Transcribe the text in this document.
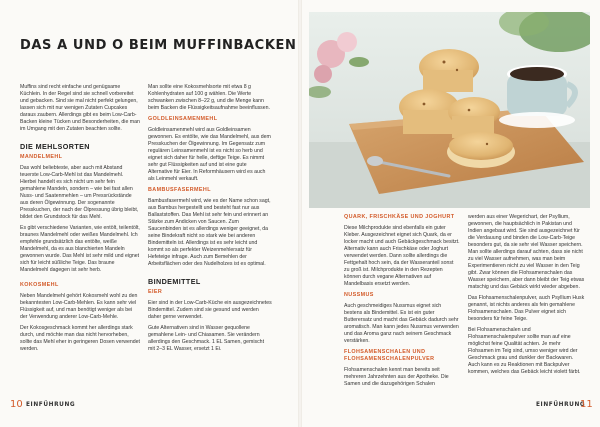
DAS A UND O BEIM MUFFINBACKEN

Muffins sind recht einfache und genügsame Küchlein. In der Regel sind sie schnell vorbereitet und gebacken. Sind sie mal nicht perfekt gelungen, lassen sich mit nur wenigen Zutaten Cupcakes daraus zaubern. Allerdings gibt es beim Low-Carb-Backen kleine Tücken und Besonderheiten, die man im Umgang mit den Zutaten beachten sollte.

DIE MEHLSORTEN

MANDELMEHL

Das wohl beliebteste, aber auch mit Abstand teuerste Low-Carb-Mehl ist das Mandelmehl. Hierbei handelt es sich nicht um sehr fein gemahlene Mandeln, sondern – wie bei fast allen Nuss- und Saatenmehlen – um Pressrückstände aus deren Ölgewinnung. Der sogenannte Presskuchen, der nach der Ölpressung übrig bleibt, bildet den Grundstock für das Mehl.

Es gibt verschiedene Varianten, wie entölt, teilentölt, braunes Mandelmehl oder weißes Mandelmehl. Ich empfehle grundsätzlich das entölte, weiße Mandelmehl, da es aus blanchierten Mandeln gewonnen wurde. Das Mehl ist sehr mild und eignet sich für leicht süßliche Teige. Das braune Mandelmehl dagegen ist sehr herb.

KOKOSMEHL

Neben Mandelmehl gehört Kokosmehl wohl zu den bekanntesten Low-Carb-Mehlen. Es kann sehr viel Flüssigkeit auf, und man benötigt weniger als bei der Verwendung anderer Low-Carb-Mehle.

Der Kokosgeschmack kommt her allerdings stark durch, und möchte man das nicht hervorheben, sollte das Mehl eher in geringeren Dosen verwendet werden.

Man sollte eine Kokosmehlsorte mit etwa 8 g Kohlenhydraten auf 100 g wählen. Die Werte schwanken zwischen 8–22 g, und die Menge kann beim Backen die Flüssigkeitsaufnahme beeinflussen.

GOLDLEINSAMENMEHL

Goldleinsamenmehl wird aus Goldleinsamen gewonnen. Es entölte, wie das Mandelmehl, aus dem Presskuchen der Ölgewinnung. Im Gegensatz zum regulären Leinsamenmehl ist es nicht so herb und eignet sich daher für helle, deftige Teige. Es nimmt sehr gut Flüssigkeiten auf und ist eine gute Alternative für Eier. In Reformhäusern wird es auch als Leinmehl verkauft.

BAMBUSFASERMEHL

Bambusfasermehl wird, wie es der Name schon sagt, aus Bambus hergestellt und besteht fast nur aus Ballaststoffen. Das Mehl ist sehr fein und erinnert an Stärke zum Andicken von Saucen. Zum Saucenbinden ist es allerdings weniger geeignet, da seine Bindekraft nicht so stark wie bei anderen Bindemitteln ist. Allerdings ist es sehr leicht und kommt so als perfekter Weizenmehlersatz für Hefeteige infrage. Auch zum Bemehlen der Arbeitsflächen oder des Nudelholzes ist es optimal.

BINDEMITTEL

EIER

Eier sind in der Low-Carb-Küche ein ausgezeichnetes Bindemittel. Zudem sind sie gesund und werden daher gerne verwendet.

Gute Alternativen sind in Wasser gequollene gemahlene Lein- und Chiasamen. Sie verändern allerdings den Geschmack. 1 EL Samen, gemischt mit 2–3 EL Wasser, ersetzt 1 Ei.

QUARK, FRISCHKÄSE UND JOGHURT

Diese Milchprodukte sind ebenfalls ein guter Kleber. Ausgezeichnet eignet sich Quark, da er locker macht und auch Gebäckgeschmack besitzt. Alternativ kann auch Frischkäse oder Joghurt verwendet werden. Dann sollte allerdings die Fettgehalt hoch sein, da der Wasseranteil sonst zu groß ist. Milchprodukte in den Rezepten können durch vegane Alternativen auf Mandelbasis ersetzt werden.

NUSSMUS

Auch geschmeidiges Nussmus eignet sich bestens als Bindemittel. Es ist ein guter Butterersatz und macht das Gebäck dadurch sehr aromatisch. Man kann jedes Nussmus verwenden und das Aroma ganz nach seinem Geschmack verstärken.

FLOHSAMENSCHALEN UND FLOHSAMENSCHALENPULVER

Flohsamenschalen kennt man bereits seit mehreren Jahrzehnten aus der Apotheke. Die Samen und die dazugehörigen Schalen

werden aus einer Wegerichart, der Psyllium, gewonnen, die hauptsächlich in Pakistan und Indien angebaut wird. Sie sind ausgezeichnet für die Verdauung und binden die Low-Carb-Teige besonders gut, da sie sehr viel Wasser speichern. Man sollte allerdings darauf achten, dass sie nicht zu viel Wasser aufnehmen, was man beim Experimentieren nicht zu viel Wasser in den Teig gibt. Zwar können die Flohsamenschalen das Wasser speichern, aber dann bleibt der Teig etwas matschig und das Gebäck wirkt wieder abgeben.

Das Flohsamenschalenpulver, auch Psyllium Husk genannt, ist nichts anderes als fein gemahlene Flohsamenschalen. Das Pulver eignet sich besonders für feine Teige.

Bei Flohsamenschalen und Flohsamenschalenpulver sollte man auf eine möglichst feine Qualität achten. Je mehr Flohsamen im Teig sind, umso weniger wird der Geschmack grau und dunkler der Backwaren. Auch kann es zu Reaktionen mit Backpulver kommen, welches das Gebäck leicht violett färbt.

10 EINFÜHRUNG	EINFÜHRUNG
11
